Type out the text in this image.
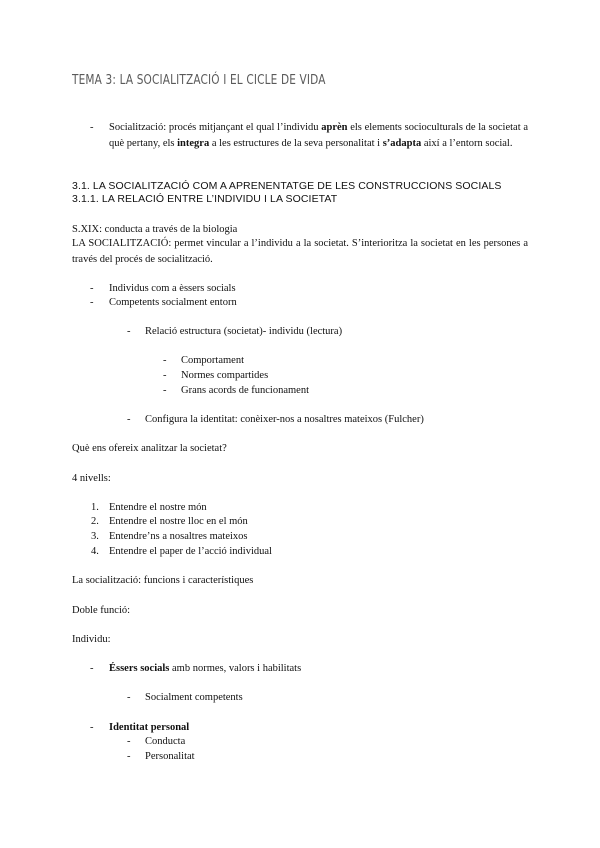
TEMA 3: LA SOCIALITZACIÓ I EL CICLE DE VIDA
- Socialització: procés mitjançant el qual l’individu aprèn els elements socioculturals de la societat a què pertany, els integra a les estructures de la seva personalitat i s’adapta així a l’entorn social.
3.1. LA SOCIALITZACIÓ COM A APRENENTATGE DE LES CONSTRUCCIONS SOCIALS
3.1.1. LA RELACIÓ ENTRE L’INDIVIDU I LA SOCIETAT
S.XIX: conducta a través de la biologia
LA SOCIALITZACIÓ: permet vincular a l’individu a la societat. S’interioritza la societat en les persones a través del procés de socialització.
- Individus com a èssers socials
- Competents socialment entorn
- Relació estructura (societat)- individu (lectura)
- Comportament
- Normes compartides
- Grans acords de funcionament
- Configura la identitat: conèixer-nos a nosaltres mateixos (Fulcher)
Què ens ofereix analitzar la societat?
4 nivells:
1. Entendre el nostre món
2. Entendre el nostre lloc en el món
3. Entendre’ns a nosaltres mateixos
4. Entendre el paper de l’acció individual
La socialització: funcions i característiques
Doble funció:
Individu:
- Éssers socials amb normes, valors i habilitats
- Socialment competents
- Identitat personal
- Conducta
- Personalitat
